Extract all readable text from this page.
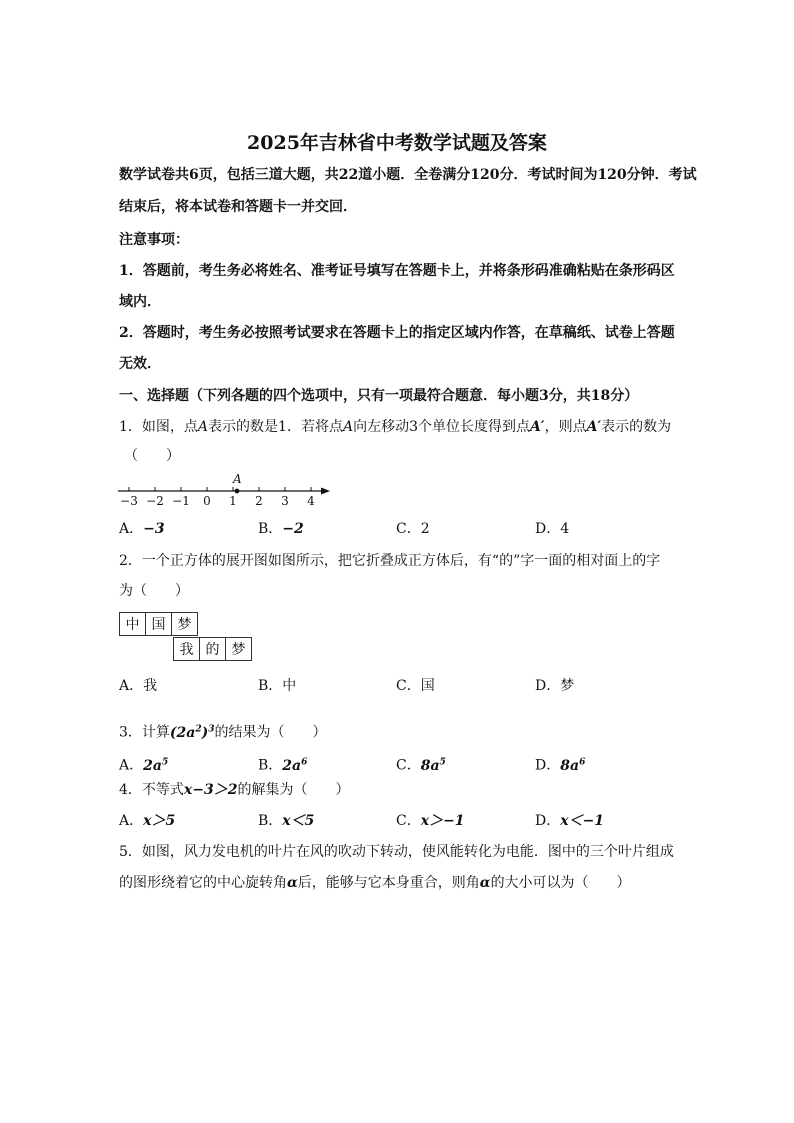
2025年吉林省中考数学试题及答案
数学试卷共6页，包括三道大题，共22道小题．全卷满分120分．考试时间为120分钟．考试
结束后，将本试卷和答题卡一并交回．
注意事项：
1．答题前，考生务必将姓名、准考证号填写在答题卡上，并将条形码准确粘贴在条形码区
域内．
2．答题时，考生务必按照考试要求在答题卡上的指定区域内作答，在草稿纸、试卷上答题
无效．
一、选择题（下列各题的四个选项中，只有一项最符合题意．每小题3分，共18分）
1．如图，点A表示的数是1．若将点A向左移动3个单位长度得到点A′，则点A′表示的数为
（　　）
−3 −2 −1 0 1 2 3 4
A
A．−3	B．−2	C．2	D．4
2．一个正方体的展开图如图所示，把它折叠成正方体后，有“的”字一面的相对面上的字
为（　　）
中	国	梦
我	的	梦
A．我	B．中	C．国	D．梦
3．计算$(2a^2)^3$的结果为（　　）
A．$2a^5$	B．$2a^6$	C．$8a^5$	D．$8a^6$
4．不等式x−3＞2的解集为（　　）
A．x＞5	B．x＜5	C．x＞−1	D．x＜−1
5．如图，风力发电机的叶片在风的吹动下转动，使风能转化为电能．图中的三个叶片组成
的图形绕着它的中心旋转角α后，能够与它本身重合，则角α的大小可以为（　　）
